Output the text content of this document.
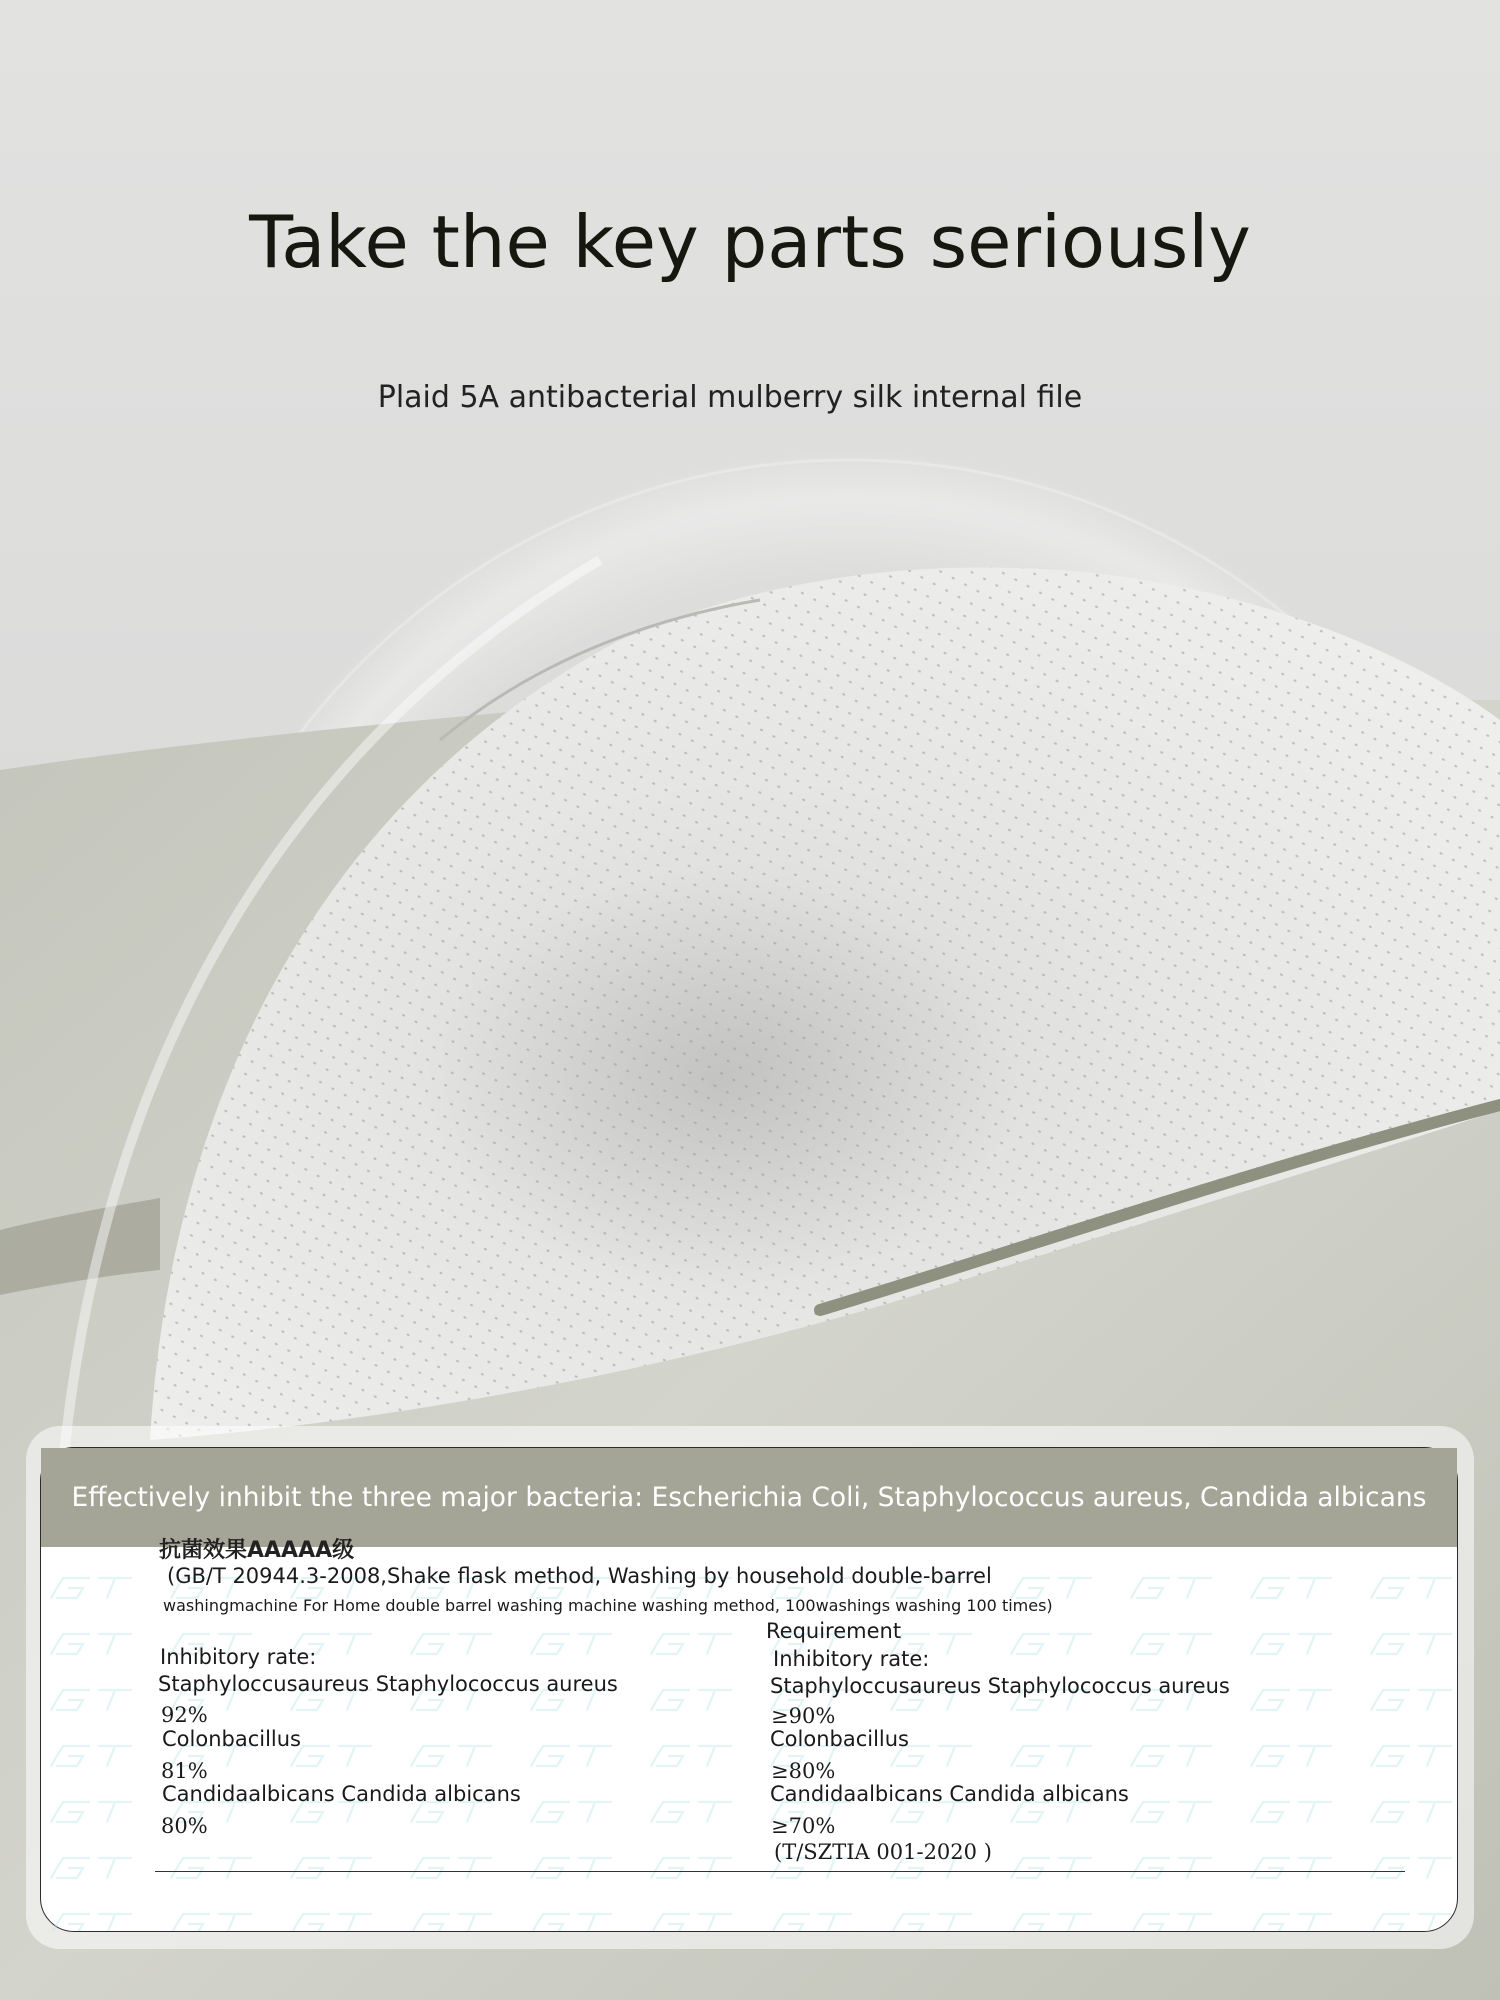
Take the key parts seriously

Plaid 5A antibacterial mulberry silk internal file

Effectively inhibit the three major bacteria: Escherichia Coli, Staphylococcus aureus, Candida albicans
抗菌效果AAAAA级
(GB/T 20944.3-2008,Shake flask method, Washing by household double-barrel
washingmachine For Home double barrel washing machine washing method, 100washings washing 100 times)
Requirement
Inhibitory rate:
Staphyloccusaureus Staphylococcus aureus
92%
Colonbacillus
81%
Candidaalbicans Candida albicans
80%
Inhibitory rate:
Staphyloccusaureus Staphylococcus aureus
≥90%
Colonbacillus
≥80%
Candidaalbicans Candida albicans
≥70%
(T/SZTIA 001-2020 )
